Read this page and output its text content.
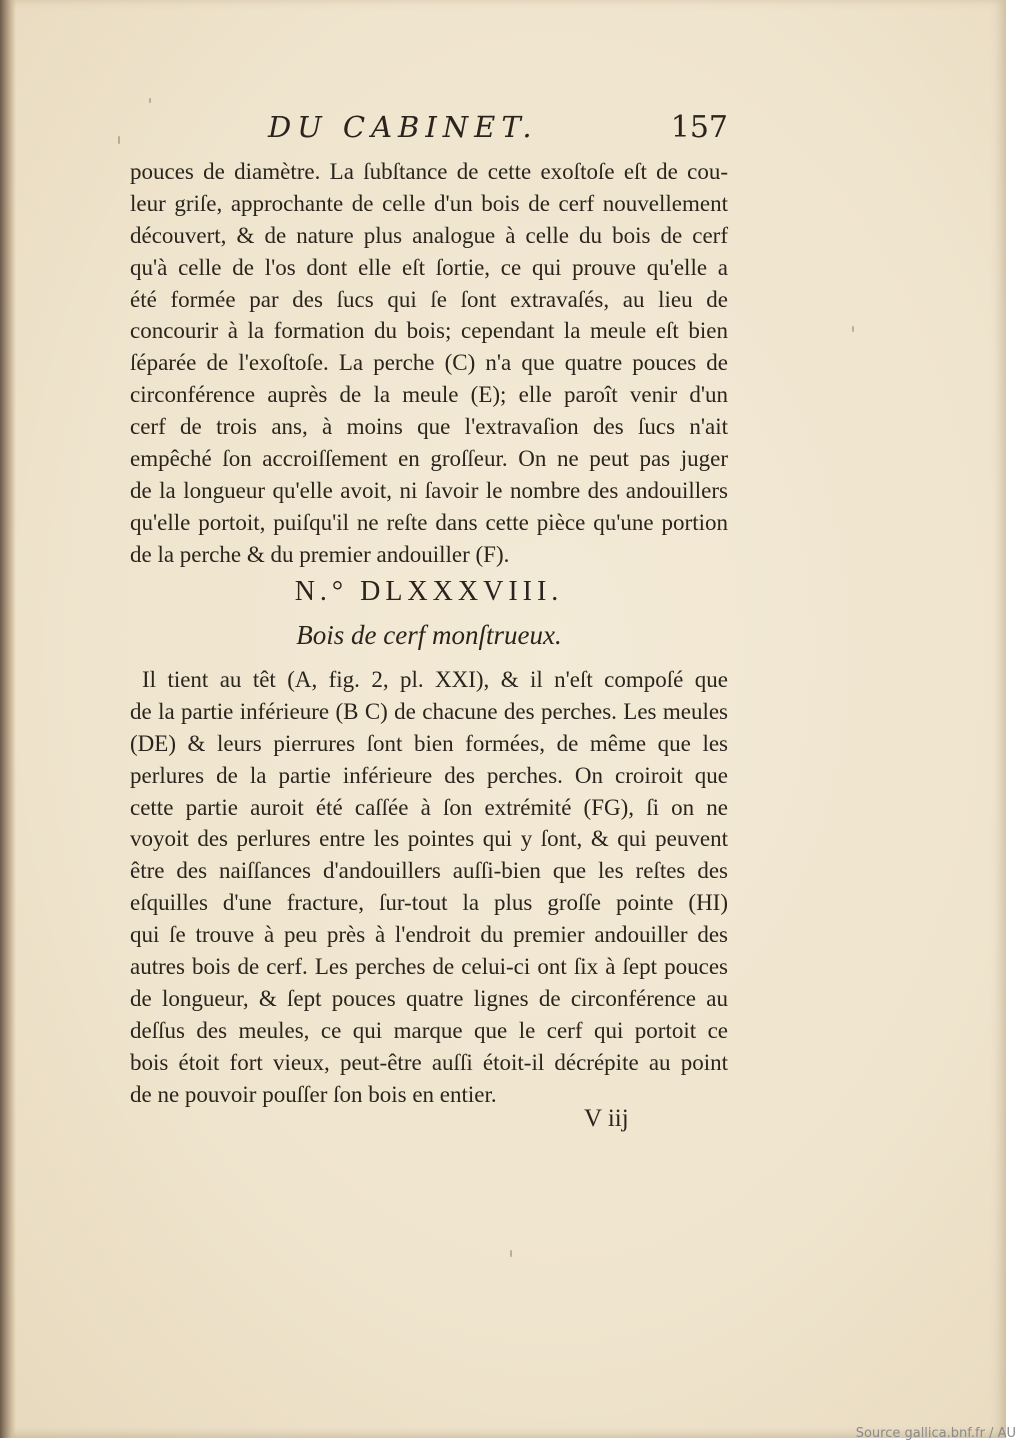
DU CABINET.	157
pouces de diamètre. La ſubſtance de cette exoſtoſe eſt de cou-
leur griſe, approchante de celle d'un bois de cerf nouvellement
découvert, & de nature plus analogue à celle du bois de cerf
qu'à celle de l'os dont elle eſt ſortie, ce qui prouve qu'elle a
été formée par des ſucs qui ſe ſont extravaſés, au lieu de
concourir à la formation du bois; cependant la meule eſt bien
ſéparée de l'exoſtoſe. La perche (C) n'a que quatre pouces de
circonférence auprès de la meule (E); elle paroît venir d'un
cerf de trois ans, à moins que l'extravaſion des ſucs n'ait
empêché ſon accroiſſement en groſſeur. On ne peut pas juger
de la longueur qu'elle avoit, ni ſavoir le nombre des andouillers
qu'elle portoit, puiſqu'il ne reſte dans cette pièce qu'une portion
de la perche & du premier andouiller (F).
N.° DLXXXVIII.
Bois de cerf monſtrueux.
Il tient au têt (A, fig. 2, pl. XXI), & il n'eſt compoſé que
de la partie inférieure (B C) de chacune des perches. Les meules
(DE) & leurs pierrures ſont bien formées, de même que les
perlures de la partie inférieure des perches. On croiroit que
cette partie auroit été caſſée à ſon extrémité (FG), ſi on ne
voyoit des perlures entre les pointes qui y ſont, & qui peuvent
être des naiſſances d'andouillers auſſi-bien que les reſtes des
eſquilles d'une fracture, ſur-tout la plus groſſe pointe (HI)
qui ſe trouve à peu près à l'endroit du premier andouiller des
autres bois de cerf. Les perches de celui-ci ont ſix à ſept pouces
de longueur, & ſept pouces quatre lignes de circonférence au
deſſus des meules, ce qui marque que le cerf qui portoit ce
bois étoit fort vieux, peut-être auſſi étoit-il décrépite au point
de ne pouvoir pouſſer ſon bois en entier.
V iij
Source gallica.bnf.fr / AU
